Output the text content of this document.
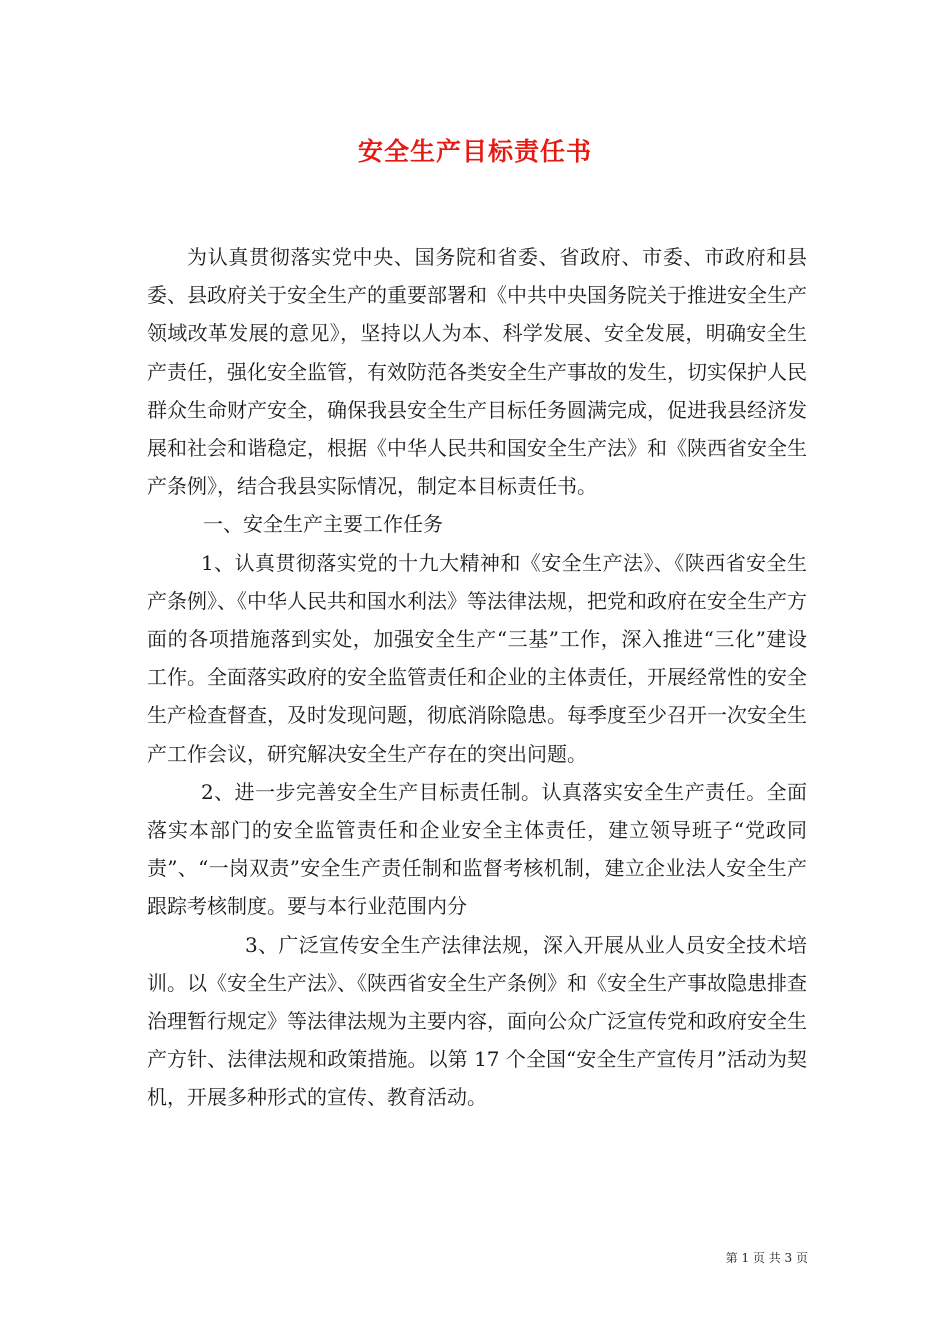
安全生产目标责任书

为认真贯彻落实党中央、国务院和省委、省政府、市委、市政府和县委、县政府关于安全生产的重要部署和《中共中央国务院关于推进安全生产领域改革发展的意见》，坚持以人为本、科学发展、安全发展，明确安全生产责任，强化安全监管，有效防范各类安全生产事故的发生，切实保护人民群众生命财产安全，确保我县安全生产目标任务圆满完成，促进我县经济发展和社会和谐稳定，根据《中华人民共和国安全生产法》和《陕西省安全生产条例》，结合我县实际情况，制定本目标责任书。

一、安全生产主要工作任务

1、认真贯彻落实党的十九大精神和《安全生产法》、《陕西省安全生产条例》、《中华人民共和国水利法》等法律法规，把党和政府在安全生产方面的各项措施落到实处，加强安全生产“三基”工作，深入推进“三化”建设工作。全面落实政府的安全监管责任和企业的主体责任，开展经常性的安全生产检查督查，及时发现问题，彻底消除隐患。每季度至少召开一次安全生产工作会议，研究解决安全生产存在的突出问题。

2、进一步完善安全生产目标责任制。认真落实安全生产责任。全面落实本部门的安全监管责任和企业安全主体责任，建立领导班子“党政同责”、“一岗双责”安全生产责任制和监督考核机制，建立企业法人安全生产跟踪考核制度。要与本行业范围内分

3、广泛宣传安全生产法律法规，深入开展从业人员安全技术培训。以《安全生产法》、《陕西省安全生产条例》和《安全生产事故隐患排查治理暂行规定》等法律法规为主要内容，面向公众广泛宣传党和政府安全生产方针、法律法规和政策措施。以第 17 个全国“安全生产宣传月”活动为契机，开展多种形式的宣传、教育活动。

第 1 页 共 3 页
